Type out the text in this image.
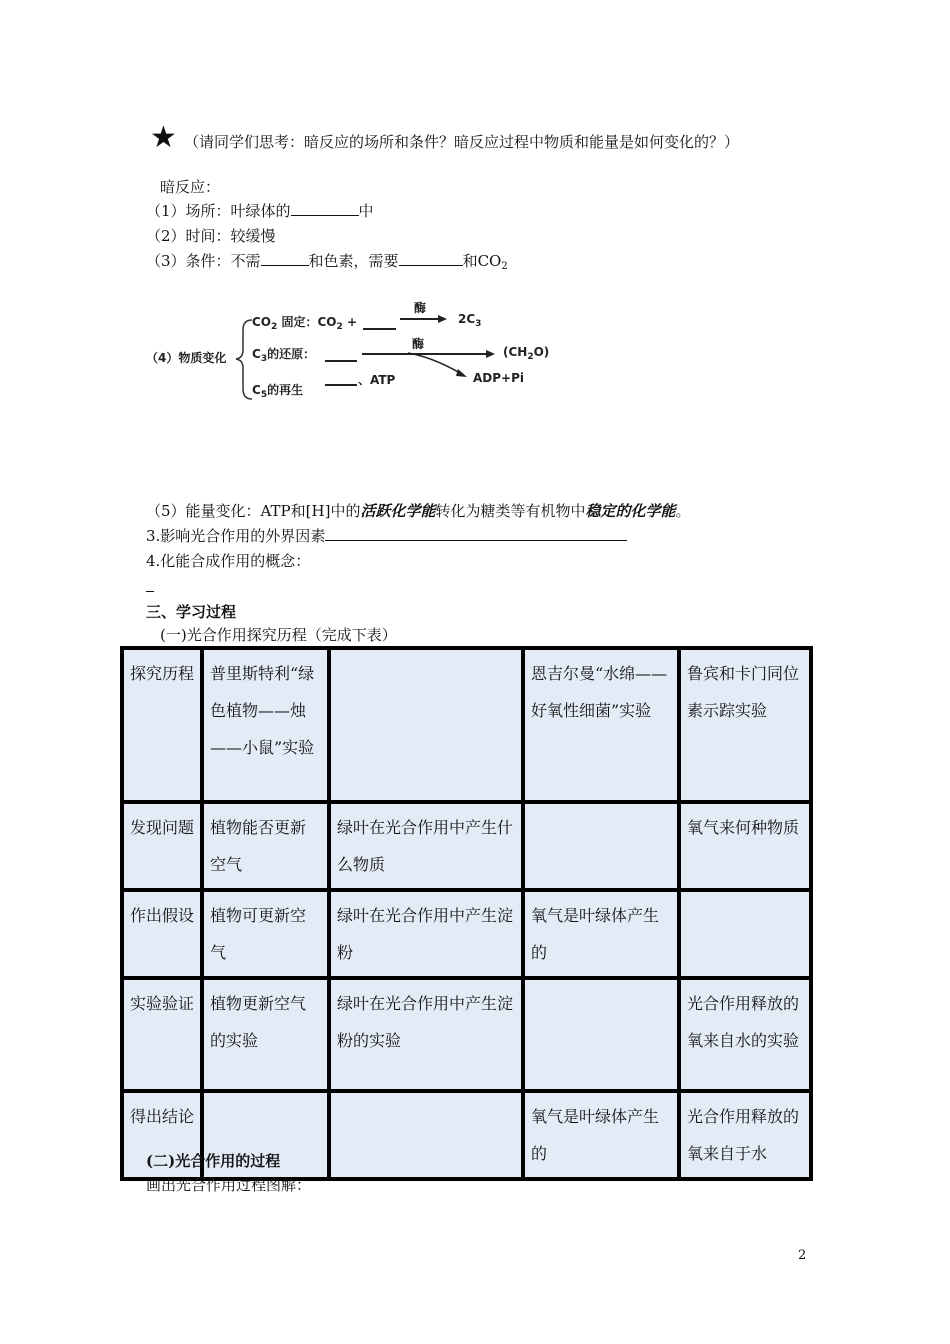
★ （请同学们思考：暗反应的场所和条件？暗反应过程中物质和能量是如何变化的？）
暗反应：
（1）场所：叶绿体的	中
（2）时间：较缓慢
（3）条件：不需	和色素，需要	和$CO_2$
（4）物质变化
$CO_2$ 固定：$CO_2$ +
酶
$2C_3$
$C_3$的还原：
酶
$(CH_2O)$
$C_5$的再生
、ATP	ADP+Pi
（5）能量变化：ATP和[H]中的活跃化学能转化为糖类等有机物中稳定的化学能。
3.影响光合作用的外界因素
4.化能合成作用的概念：
三、学习过程
(一)光合作用探究历程（完成下表）
探究历程	普里斯特利“绿色植物——烛——小鼠”实验		恩吉尔曼“水绵——好氧性细菌”实验	鲁宾和卡门同位素示踪实验
发现问题	植物能否更新空气	绿叶在光合作用中产生什么物质		氧气来何种物质
作出假设	植物可更新空气	绿叶在光合作用中产生淀粉	氧气是叶绿体产生的	
实验验证	植物更新空气的实验	绿叶在光合作用中产生淀粉的实验		光合作用释放的氧来自水的实验
得出结论			氧气是叶绿体产生的	光合作用释放的氧来自于水
(二)光合作用的过程
画出光合作用过程图解：
2
